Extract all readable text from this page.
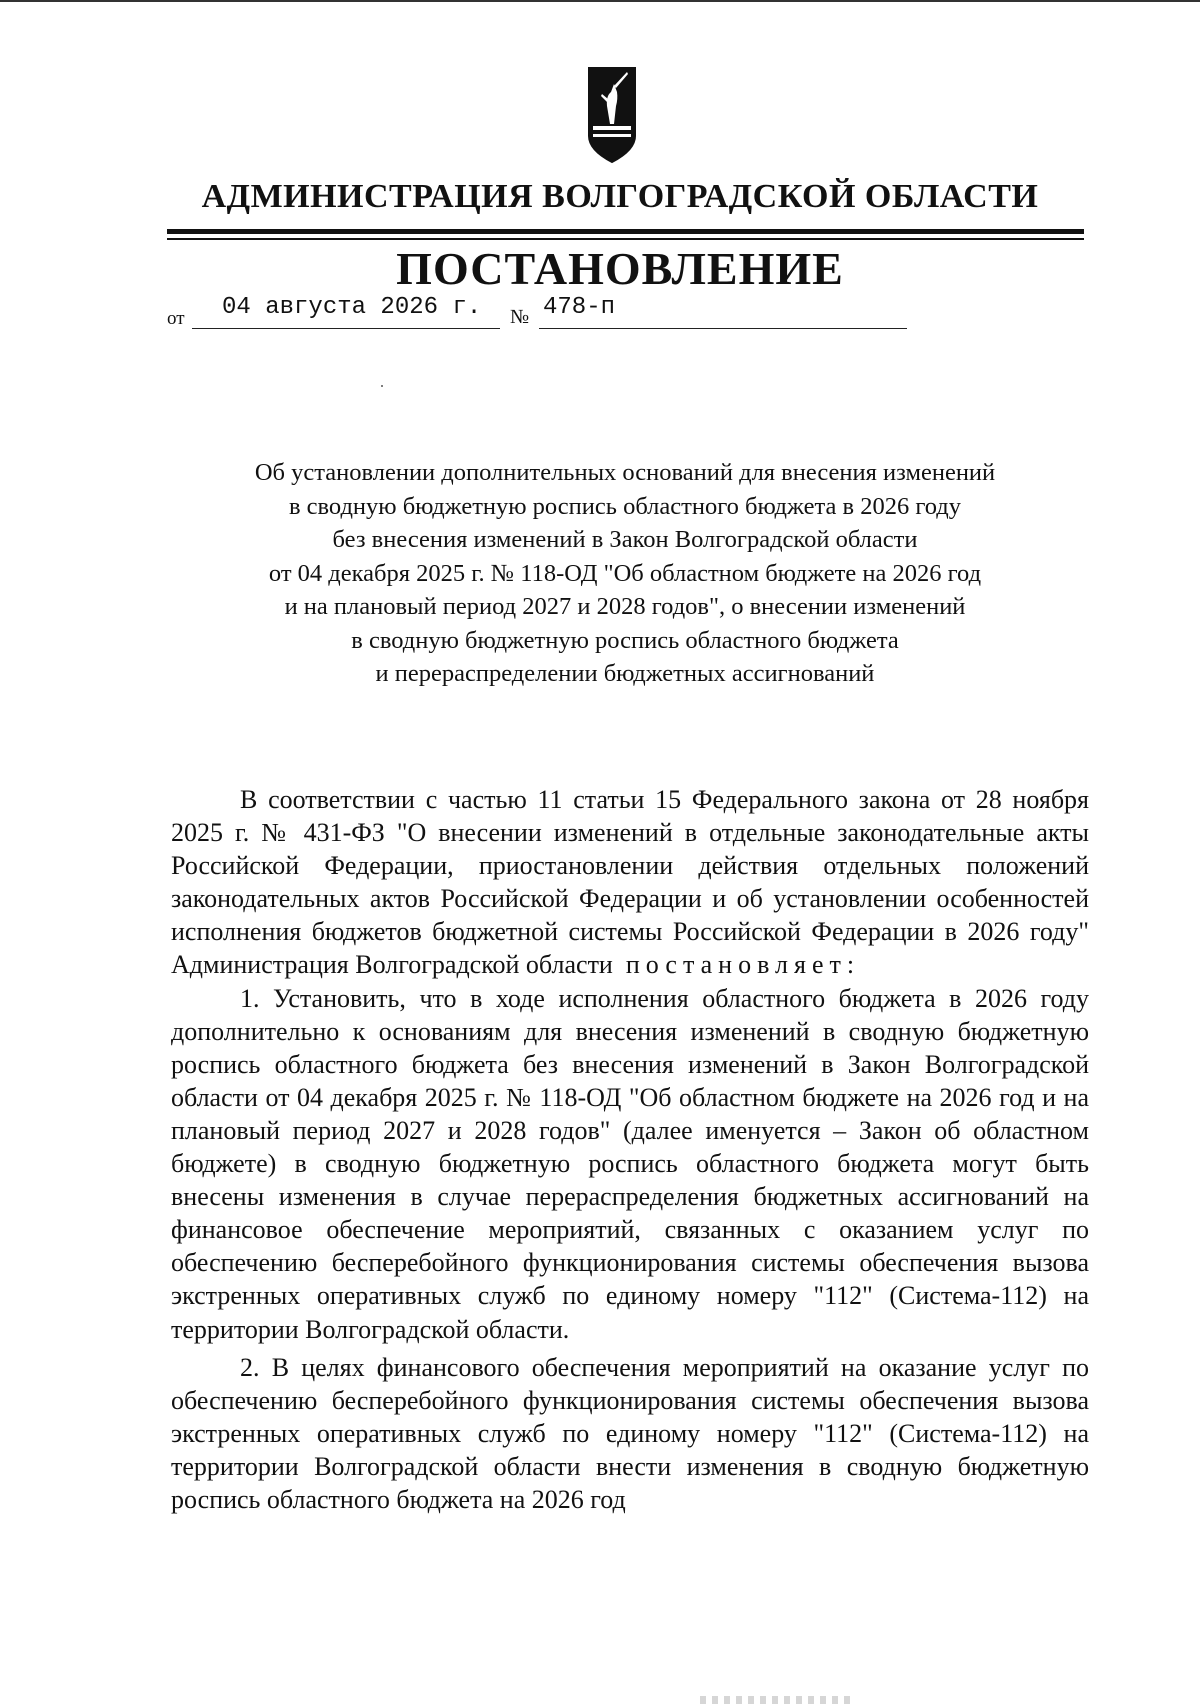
АДМИНИСТРАЦИЯ ВОЛГОГРАДСКОЙ ОБЛАСТИ
ПОСТАНОВЛЕНИЕ
от 04 августа 2026 г. № 478-п
Об установлении дополнительных оснований для внесения изменений
в сводную бюджетную роспись областного бюджета в 2026 году
без внесения изменений в Закон Волгоградской области
от 04 декабря 2025 г. № 118-ОД "Об областном бюджете на 2026 год
и на плановый период 2027 и 2028 годов", о внесении изменений
в сводную бюджетную роспись областного бюджета
и перераспределении бюджетных ассигнований

В соответствии с частью 11 статьи 15 Федерального закона от 28 ноября 2025 г. № 431-ФЗ "О внесении изменений в отдельные законодательные акты Российской Федерации, приостановлении действия отдельных положений законодательных актов Российской Федерации и об установлении особенностей исполнения бюджетов бюджетной системы Российской Федерации в 2026 году" Администрация Волгоградской области постановляет:

1. Установить, что в ходе исполнения областного бюджета в 2026 году дополнительно к основаниям для внесения изменений в сводную бюджетную роспись областного бюджета без внесения изменений в Закон Волгоградской области от 04 декабря 2025 г. № 118-ОД "Об областном бюджете на 2026 год и на плановый период 2027 и 2028 годов" (далее именуется – Закон об областном бюджете) в сводную бюджетную роспись областного бюджета могут быть внесены изменения в случае перераспределения бюджетных ассигнований на финансовое обеспечение мероприятий, связанных с оказанием услуг по обеспечению бесперебойного функционирования системы обеспечения вызова экстренных оперативных служб по единому номеру "112" (Система-112) на территории Волгоградской области.

2. В целях финансового обеспечения мероприятий на оказание услуг по обеспечению бесперебойного функционирования системы обеспечения вызова экстренных оперативных служб по единому номеру "112" (Система-112) на территории Волгоградской области внести изменения в сводную бюджетную роспись областного бюджета на 2026 год
